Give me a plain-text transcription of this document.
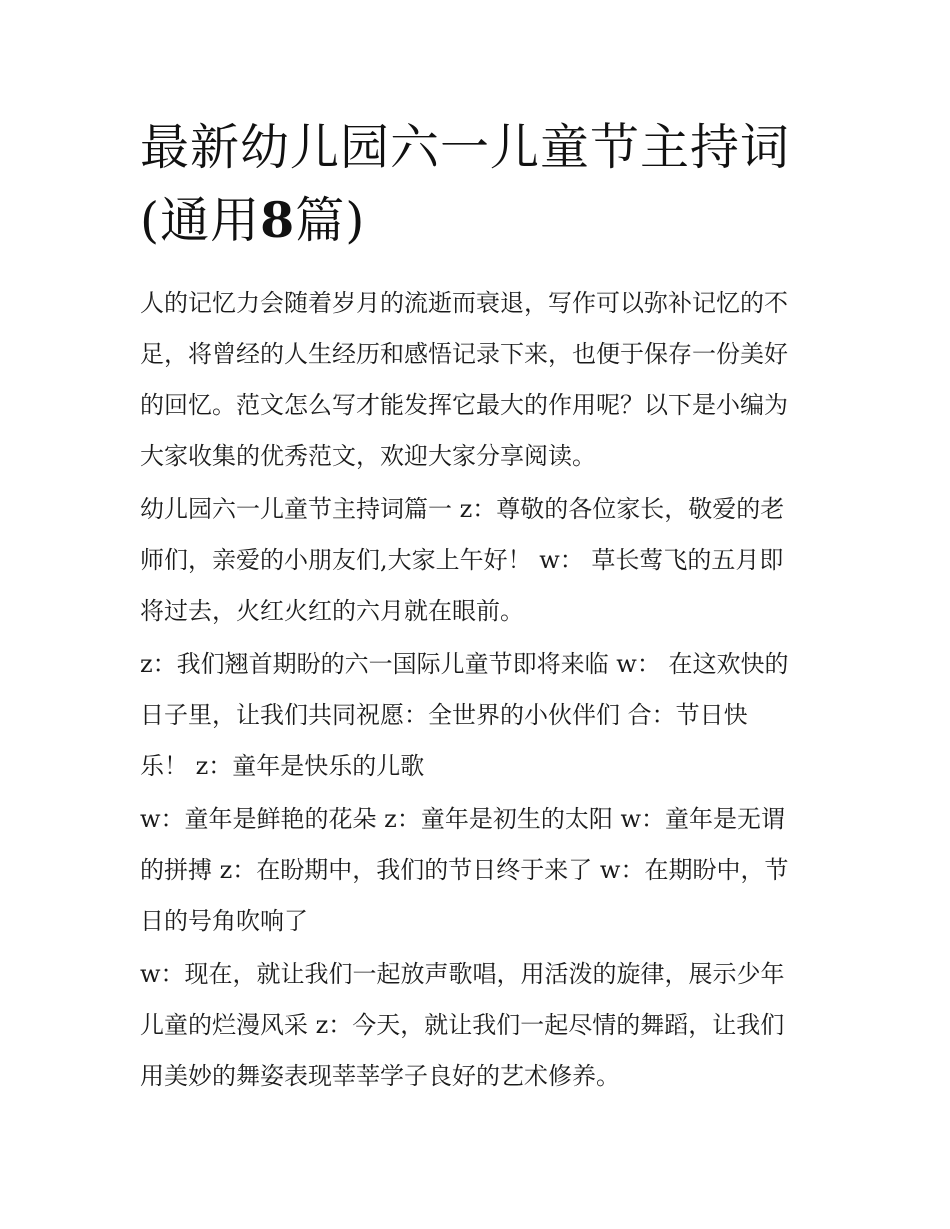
最新幼儿园六一儿童节主持词
(通用8篇)

人的记忆力会随着岁月的流逝而衰退，写作可以弥补记忆的不
足，将曾经的人生经历和感悟记录下来，也便于保存一份美好
的回忆。范文怎么写才能发挥它最大的作用呢？以下是小编为
大家收集的优秀范文，欢迎大家分享阅读。

幼儿园六一儿童节主持词篇一 z：尊敬的各位家长，敬爱的老
师们，亲爱的小朋友们,大家上午好！ w： 草长莺飞的五月即
将过去，火红火红的六月就在眼前。

z：我们翘首期盼的六一国际儿童节即将来临 w： 在这欢快的
日子里，让我们共同祝愿：全世界的小伙伴们 合：节日快
乐！ z：童年是快乐的儿歌

w：童年是鲜艳的花朵 z：童年是初生的太阳 w：童年是无谓
的拼搏 z：在盼期中，我们的节日终于来了 w：在期盼中，节
日的号角吹响了

w：现在，就让我们一起放声歌唱，用活泼的旋律，展示少年
儿童的烂漫风采 z：今天，就让我们一起尽情的舞蹈，让我们
用美妙的舞姿表现莘莘学子良好的艺术修养。
